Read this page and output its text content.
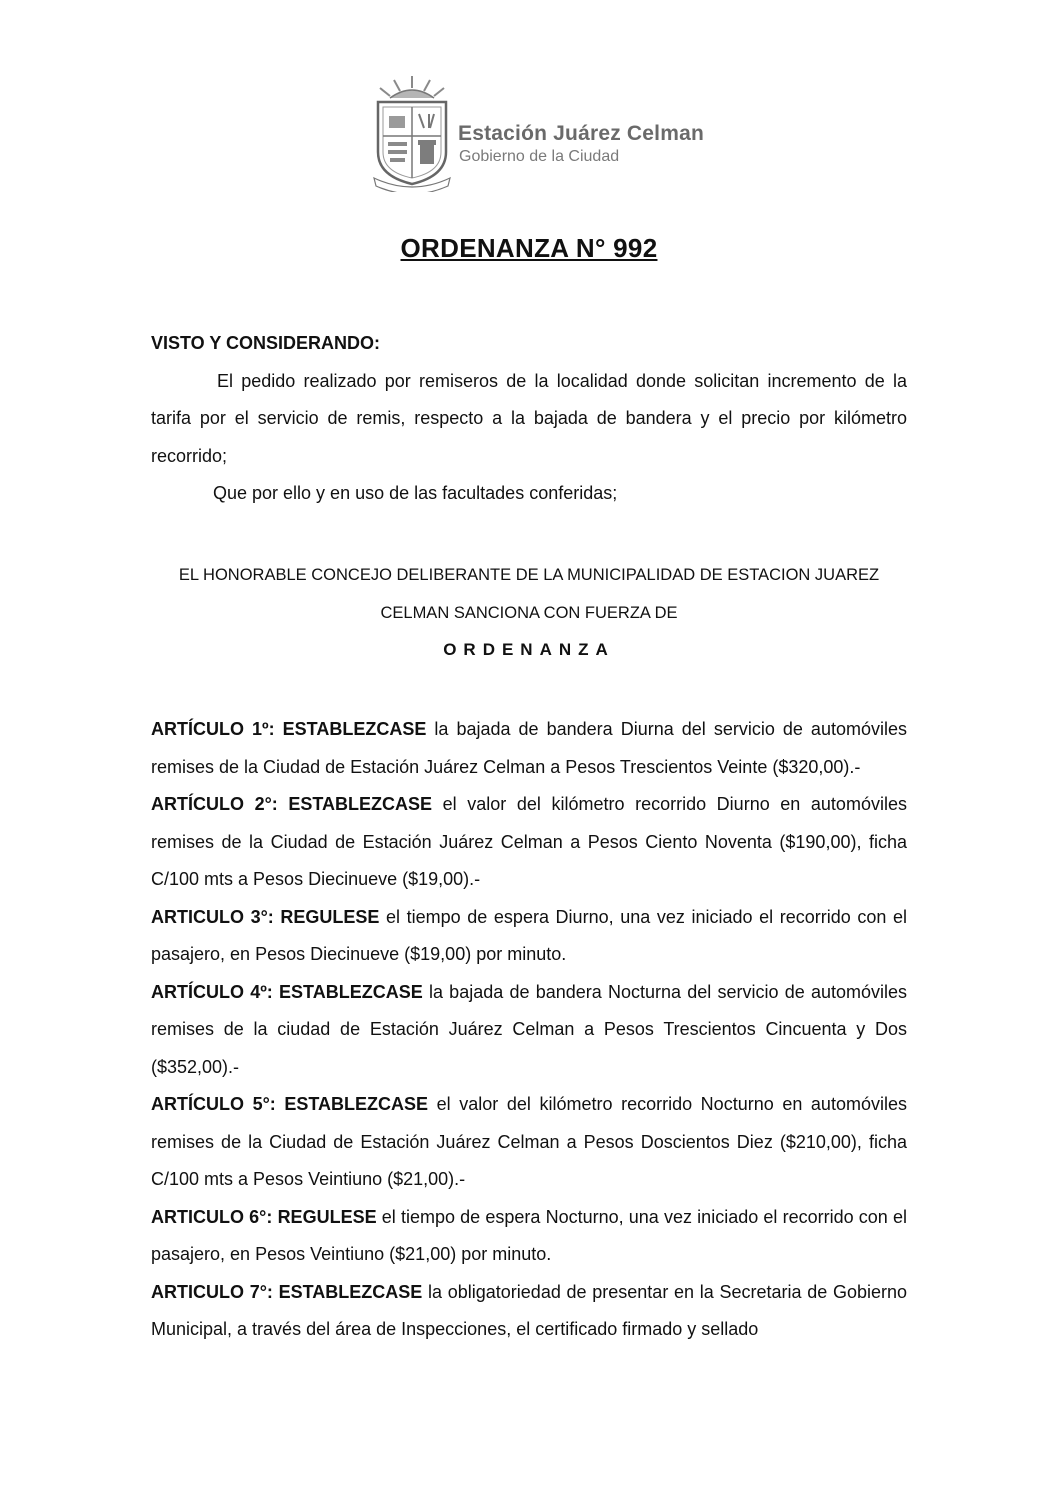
Estación Juárez Celman
Gobierno de la Ciudad
ORDENANZA N° 992

VISTO Y CONSIDERANDO:

El pedido realizado por remiseros de la localidad donde solicitan incremento de la tarifa por el servicio de remis, respecto a la bajada de bandera y el precio por kilómetro recorrido;

Que por ello y en uso de las facultades conferidas;

EL HONORABLE CONCEJO DELIBERANTE DE LA MUNICIPALIDAD DE ESTACION JUAREZ
CELMAN SANCIONA CON FUERZA DE
ORDENANZA

ARTÍCULO 1º: ESTABLEZCASE la bajada de bandera Diurna del servicio de automóviles remises de la Ciudad de Estación Juárez Celman a Pesos Trescientos Veinte ($320,00).-

ARTÍCULO 2°: ESTABLEZCASE el valor del kilómetro recorrido Diurno en automóviles remises de la Ciudad de Estación Juárez Celman a Pesos Ciento Noventa ($190,00), ficha C/100 mts a Pesos Diecinueve ($19,00).-

ARTICULO 3°: REGULESE el tiempo de espera Diurno, una vez iniciado el recorrido con el pasajero, en Pesos Diecinueve ($19,00) por minuto.

ARTÍCULO 4º: ESTABLEZCASE la bajada de bandera Nocturna del servicio de automóviles remises de la ciudad de Estación Juárez Celman a Pesos Trescientos Cincuenta y Dos ($352,00).-

ARTÍCULO 5°: ESTABLEZCASE el valor del kilómetro recorrido Nocturno en automóviles remises de la Ciudad de Estación Juárez Celman a Pesos Doscientos Diez ($210,00), ficha C/100 mts a Pesos Veintiuno ($21,00).-

ARTICULO 6°: REGULESE el tiempo de espera Nocturno, una vez iniciado el recorrido con el pasajero, en Pesos Veintiuno ($21,00) por minuto.

ARTICULO 7°: ESTABLEZCASE la obligatoriedad de presentar en la Secretaria de Gobierno Municipal, a través del área de Inspecciones, el certificado firmado y sellado
